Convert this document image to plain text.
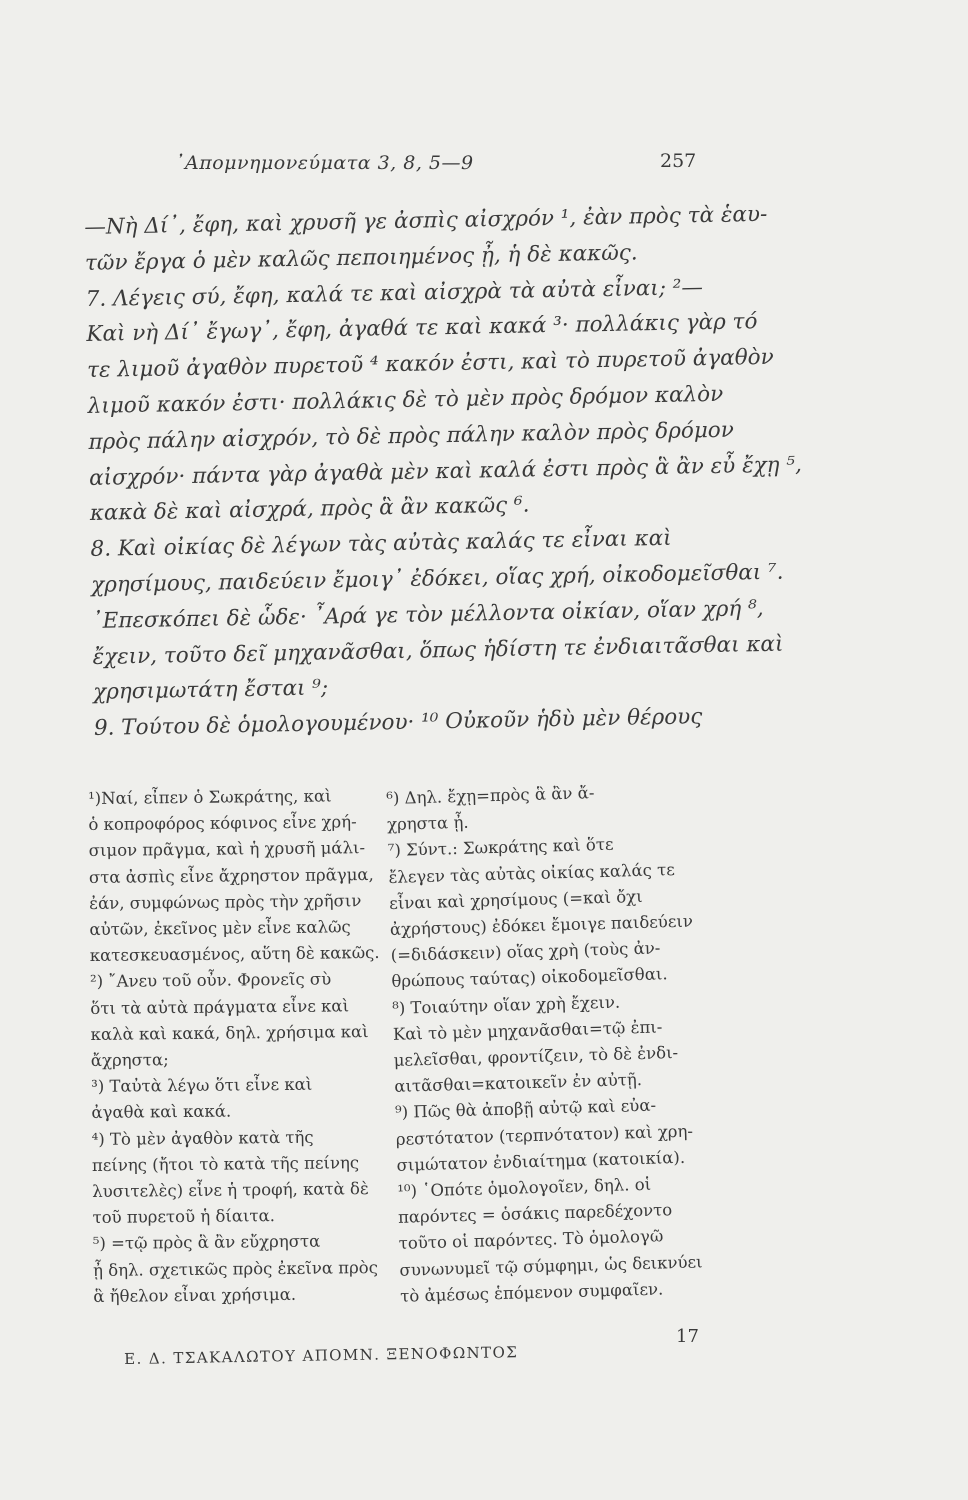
᾿Απομνημονεύματα 3, 8, 5—9	257
—Νὴ Δί᾿, ἔφη, καὶ χρυσῆ γε ἀσπὶς αἰσχρόν ¹, ἐὰν πρὸς τὰ ἑαυ-
τῶν ἔργα ὁ μὲν καλῶς πεποιημένος ᾖ, ἡ δὲ κακῶς.
7. Λέγεις σύ, ἔφη, καλά τε καὶ αἰσχρὰ τὰ αὐτὰ εἶναι; ²—
Καὶ νὴ Δί᾿ ἔγωγ᾿, ἔφη, ἀγαθά τε καὶ κακά ³· πολλάκις γὰρ τό
τε λιμοῦ ἀγαθὸν πυρετοῦ ⁴ κακόν ἐστι, καὶ τὸ πυρετοῦ ἀγαθὸν
λιμοῦ κακόν ἐστι· πολλάκις δὲ τὸ μὲν πρὸς δρόμον καλὸν
πρὸς πάλην αἰσχρόν, τὸ δὲ πρὸς πάλην καλὸν πρὸς δρόμον
αἰσχρόν· πάντα γὰρ ἀγαθὰ μὲν καὶ καλά ἐστι πρὸς ἃ ἂν εὖ ἔχῃ ⁵,
κακὰ δὲ καὶ αἰσχρά, πρὸς ἃ ἂν κακῶς ⁶.
8. Καὶ οἰκίας δὲ λέγων τὰς αὐτὰς καλάς τε εἶναι καὶ
χρησίμους, παιδεύειν ἔμοιγ᾿ ἐδόκει, οἵας χρή, οἰκοδομεῖσθαι ⁷.
᾿Επεσκόπει δὲ ὧδε· ῏Αρά γε τὸν μέλλοντα οἰκίαν, οἵαν χρή ⁸,
ἔχειν, τοῦτο δεῖ μηχανᾶσθαι, ὅπως ἡδίστη τε ἐνδιαιτᾶσθαι καὶ
χρησιμωτάτη ἔσται ⁹;
9. Τούτου δὲ ὁμολογουμένου· ¹⁰ Οὐκοῦν ἡδὺ μὲν θέρους
¹)Ναί, εἶπεν ὁ Σωκράτης, καὶ
ὁ κοπροφόρος κόφινος εἶνε χρή-
σιμον πρᾶγμα, καὶ ἡ χρυσῆ μάλι-
στα ἀσπὶς εἶνε ἄχρηστον πρᾶγμα,
ἐάν, συμφώνως πρὸς τὴν χρῆσιν
αὐτῶν, ἐκεῖνος μὲν εἶνε καλῶς
κατεσκευασμένος, αὕτη δὲ κακῶς.
²) ῎Ανευ τοῦ οὖν. Φρονεῖς σὺ
ὅτι τὰ αὐτὰ πράγματα εἶνε καὶ
καλὰ καὶ κακά, δηλ. χρήσιμα καὶ
ἄχρηστα;
³) Ταὐτὰ λέγω ὅτι εἶνε καὶ
ἀγαθὰ καὶ κακά.
⁴) Τὸ μὲν ἀγαθὸν κατὰ τῆς
πείνης (ἤτοι τὸ κατὰ τῆς πείνης
λυσιτελὲς) εἶνε ἡ τροφή, κατὰ δὲ
τοῦ πυρετοῦ ἡ δίαιτα.
⁵) =τῷ πρὸς ἃ ἂν εὔχρηστα
ᾖ δηλ. σχετικῶς πρὸς ἐκεῖνα πρὸς
ἃ ἤθελον εἶναι χρήσιμα.
⁶) Δηλ. ἔχῃ=πρὸς ἃ ἂν ἄ-
χρηστα ᾖ.
⁷) Σύντ.: Σωκράτης καὶ ὅτε
ἔλεγεν τὰς αὐτὰς οἰκίας καλάς τε
εἶναι καὶ χρησίμους (=καὶ ὄχι
ἀχρήστους) ἐδόκει ἔμοιγε παιδεύειν
(=διδάσκειν) οἵας χρὴ (τοὺς ἀν-
θρώπους ταύτας) οἰκοδομεῖσθαι.
⁸) Τοιαύτην οἵαν χρὴ ἔχειν.
Καὶ τὸ μὲν μηχανᾶσθαι=τῷ ἐπι-
μελεῖσθαι, φροντίζειν, τὸ δὲ ἐνδι-
αιτᾶσθαι=κατοικεῖν ἐν αὐτῇ.
⁹) Πῶς θὰ ἀποβῇ αὐτῷ καὶ εὐα-
ρεστότατον (τερπνότατον) καὶ χρη-
σιμώτατον ἐνδιαίτημα (κατοικία).
¹⁰) ῾Οπότε ὁμολογοῖεν, δηλ. οἱ
παρόντες = ὁσάκις παρεδέχοντο
τοῦτο οἱ παρόντες. Τὸ ὁμολογῶ
συνωνυμεῖ τῷ σύμφημι, ὡς δεικνύει
τὸ ἀμέσως ἑπόμενον συμφαῖεν.
17
Ε. Δ. ΤΣΑΚΑΛΩΤΟΥ ΑΠΟΜΝ. ΞΕΝΟΦΩΝΤΟΣ
